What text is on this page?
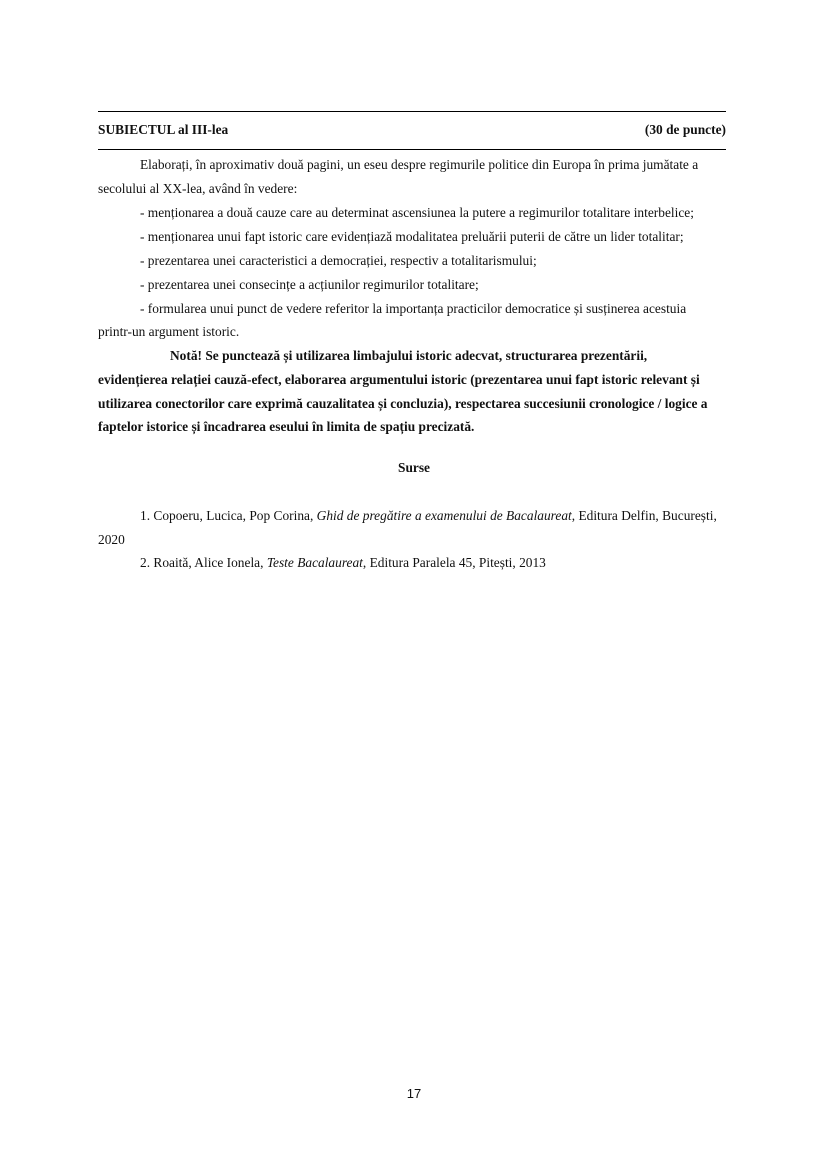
SUBIECTUL al III-lea	(30 de puncte)
Elaborați, în aproximativ două pagini, un eseu despre regimurile politice din Europa în prima jumătate a
secolului al XX-lea, având în vedere:
- menționarea a două cauze care au determinat ascensiunea la putere a regimurilor totalitare interbelice;
- menționarea unui fapt istoric care evidențiază modalitatea preluării puterii de către un lider totalitar;
- prezentarea unei caracteristici a democrației, respectiv a totalitarismului;
- prezentarea unei consecințe a acțiunilor regimurilor totalitare;
- formularea unui punct de vedere referitor la importanța practicilor democratice și susținerea acestuia
printr-un argument istoric.
Notă! Se punctează și utilizarea limbajului istoric adecvat, structurarea prezentării,
evidențierea relației cauză-efect, elaborarea argumentului istoric (prezentarea unui fapt istoric relevant și
utilizarea conectorilor care exprimă cauzalitatea și concluzia), respectarea succesiunii cronologice / logice a
faptelor istorice și încadrarea eseului în limita de spațiu precizată.
Surse
1. Copoeru, Lucica, Pop Corina, Ghid de pregătire a examenului de Bacalaureat, Editura Delfin, București,
2020
2. Roaită, Alice Ionela, Teste Bacalaureat, Editura Paralela 45, Pitești, 2013
17
